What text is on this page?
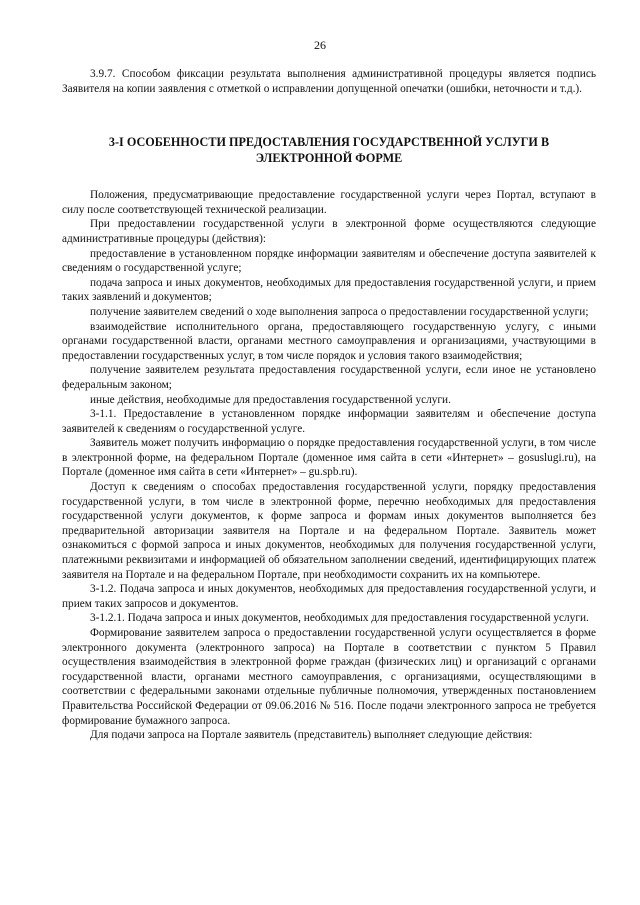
26

3.9.7. Способом фиксации результата выполнения административной процедуры является подпись Заявителя на копии заявления с отметкой о исправлении допущенной опечатки (ошибки, неточности и т.д.).

3-I ОСОБЕННОСТИ ПРЕДОСТАВЛЕНИЯ ГОСУДАРСТВЕННОЙ УСЛУГИ В ЭЛЕКТРОННОЙ ФОРМЕ

Положения, предусматривающие предоставление государственной услуги через Портал, вступают в силу после соответствующей технической реализации.

При предоставлении государственной услуги в электронной форме осуществляются следующие административные процедуры (действия):

предоставление в установленном порядке информации заявителям и обеспечение доступа заявителей к сведениям о государственной услуге;

подача запроса и иных документов, необходимых для предоставления государственной услуги, и прием таких заявлений и документов;

получение заявителем сведений о ходе выполнения запроса о предоставлении государственной услуги;

взаимодействие исполнительного органа, предоставляющего государственную услугу, с иными органами государственной власти, органами местного самоуправления и организациями, участвующими в предоставлении государственных услуг, в том числе порядок и условия такого взаимодействия;

получение заявителем результата предоставления государственной услуги, если иное не установлено федеральным законом;

иные действия, необходимые для предоставления государственной услуги.

3-1.1. Предоставление в установленном порядке информации заявителям и обеспечение доступа заявителей к сведениям о государственной услуге.

Заявитель может получить информацию о порядке предоставления государственной услуги, в том числе в электронной форме, на федеральном Портале (доменное имя сайта в сети «Интернет» – gosuslugi.ru), на Портале (доменное имя сайта в сети «Интернет» – gu.spb.ru).

Доступ к сведениям о способах предоставления государственной услуги, порядку предоставления государственной услуги, в том числе в электронной форме, перечню необходимых для предоставления государственной услуги документов, к форме запроса и формам иных документов выполняется без предварительной авторизации заявителя на Портале и на федеральном Портале. Заявитель может ознакомиться с формой запроса и иных документов, необходимых для получения государственной услуги, платежными реквизитами и информацией об обязательном заполнении сведений, идентифицирующих платеж заявителя на Портале и на федеральном Портале, при необходимости сохранить их на компьютере.

3-1.2. Подача запроса и иных документов, необходимых для предоставления государственной услуги, и прием таких запросов и документов.

3-1.2.1. Подача запроса и иных документов, необходимых для предоставления государственной услуги.

Формирование заявителем запроса о предоставлении государственной услуги осуществляется в форме электронного документа (электронного запроса) на Портале в соответствии с пунктом 5 Правил осуществления взаимодействия в электронной форме граждан (физических лиц) и организаций с органами государственной власти, органами местного самоуправления, с организациями, осуществляющими в соответствии с федеральными законами отдельные публичные полномочия, утвержденных постановлением Правительства Российской Федерации от 09.06.2016 № 516. После подачи электронного запроса не требуется формирование бумажного запроса.

Для подачи запроса на Портале заявитель (представитель) выполняет следующие действия:
